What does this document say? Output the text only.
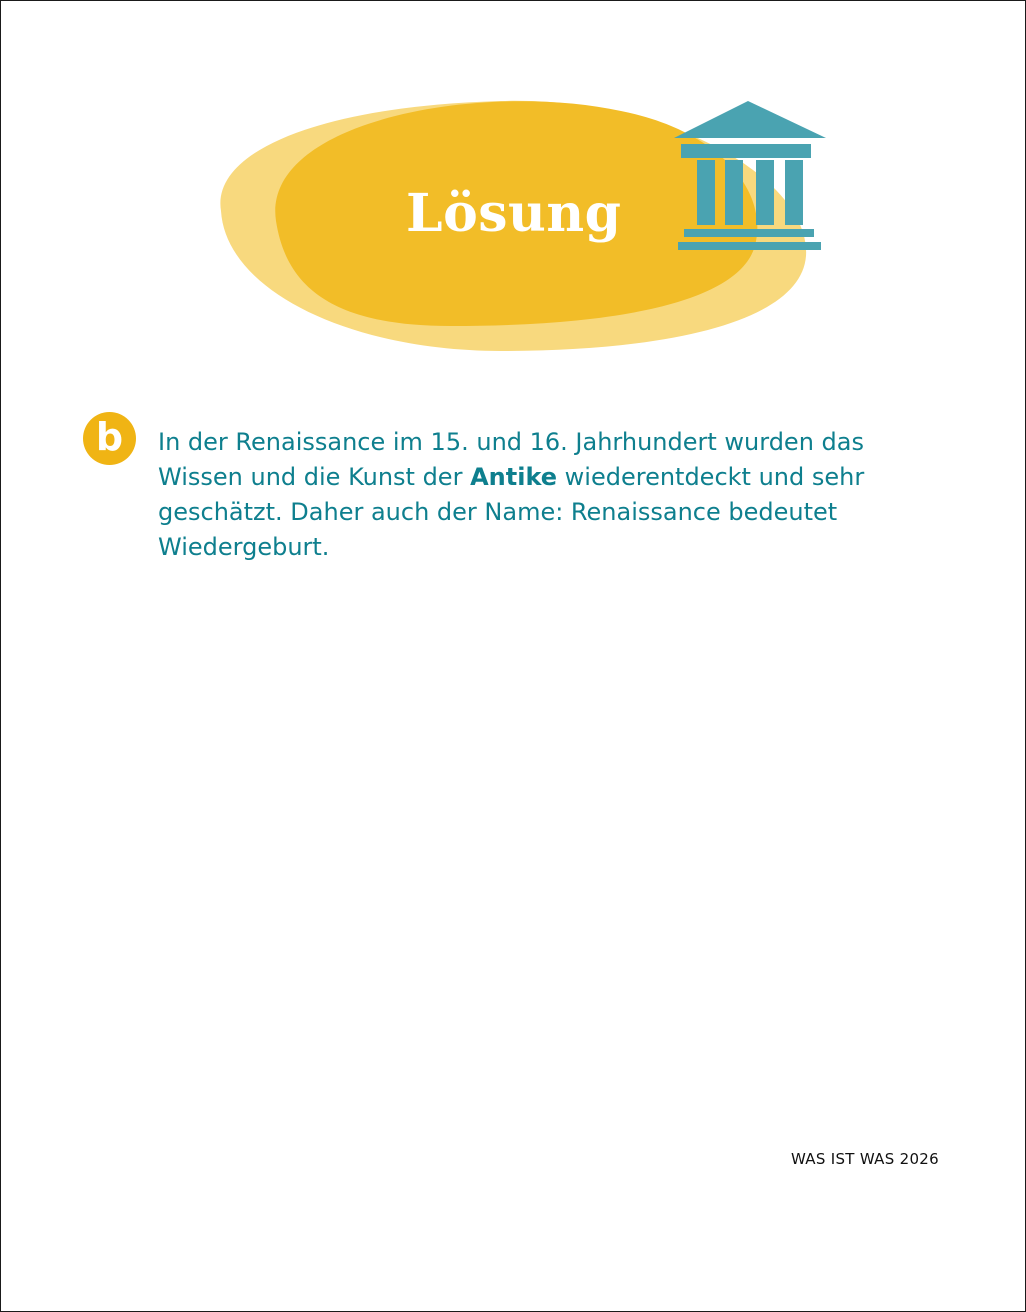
Lösung
b	In der Renaissance im 15. und 16. Jahrhundert wurden das Wissen und die Kunst der Antike wiederentdeckt und sehr geschätzt. Daher auch der Name: Renaissance bedeutet Wiedergeburt.

WAS IST WAS 2026
